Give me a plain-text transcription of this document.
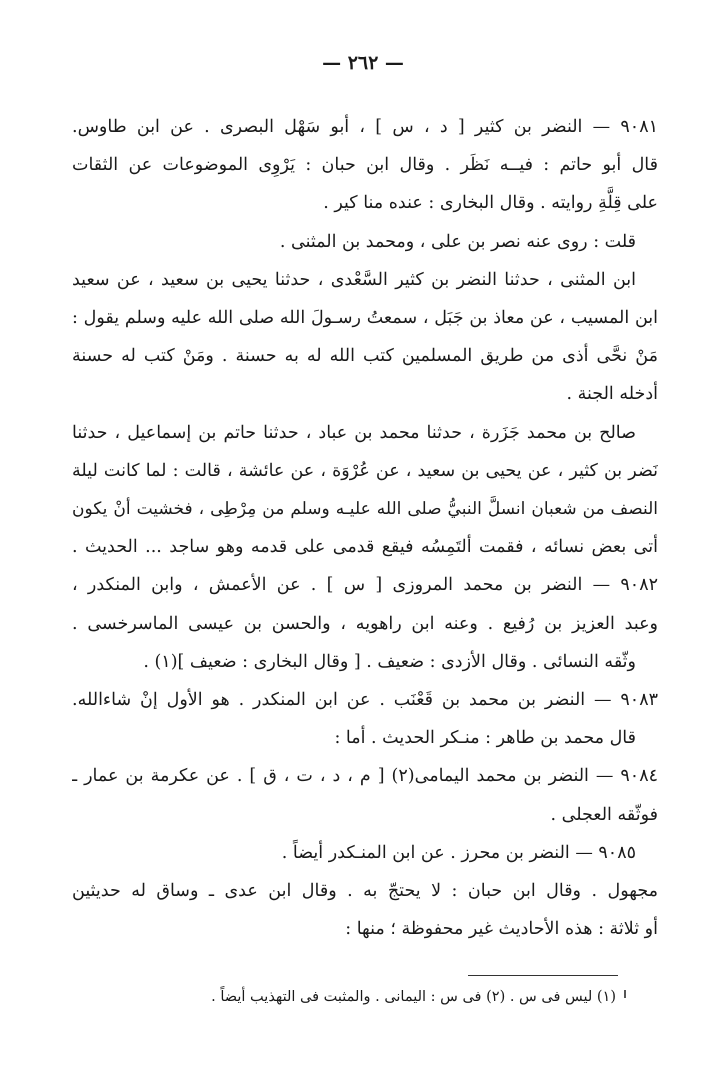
— ٢٦٢ —
٩٠٨١ — النضر بن كثير [ د ، س ] ، أبو سَهْل البصرى . عن ابن طاوس.
قال أبو حاتم : فيــه نَظَر . وقال ابن حبان : يَرْوِى الموضوعات عن الثقات
على قِلَّةِ روايته . وقال البخارى : عنده منا كير .
قلت : روى عنه نصر بن على ، ومحمد بن المثنى .
ابن المثنى ، حدثنا النضر بن كثير السَّعْدى ، حدثنا يحيى بن سعيد ، عن سعيد
ابن المسيب ، عن معاذ بن جَبَل ، سمعتُ رسـولَ الله صلى الله عليه وسلم يقول :
مَنْ نحَّى أذى من طريق المسلمين كتب الله له به حسنة . ومَنْ كتب له حسنة
أدخله الجنة .
صالح بن محمد جَزَرة ، حدثنا محمد بن عباد ، حدثنا حاتم بن إسماعيل ، حدثنا
نَضر بن كثير ، عن يحيى بن سعيد ، عن عُرْوَة ، عن عائشة ، قالت : لما كانت ليلة
النصف من شعبان انسلَّ النبيُّ صلى الله عليـه وسلم من مِرْطِى ، فخشيت أنْ يكون
أتى بعض نسائه ، فقمت ألتَمِسُه فيقع قدمى على قدمه وهو ساجد ... الحديث .
٩٠٨٢ — النضر بن محمد المروزى [ س ] . عن الأعمش ، وابن المنكدر ،
وعبد العزيز بن رُفيع . وعنه ابن راهويه ، والحسن بن عيسى الماسرخسى .
وثّقه النسائى . وقال الأزدى : ضعيف . [ وقال البخارى : ضعيف ](١) .
٩٠٨٣ — النضر بن محمد بن قَعْنَب . عن ابن المنكدر . هو الأول إنْ شاءالله.
قال محمد بن طاهر : منـكر الحديث . أما :
٩٠٨٤ — النضر بن محمد اليمامى(٢) [ م ، د ، ت ، ق ] . عن عكرمة بن عمار ـ
فوثّقه العجلى .
٩٠٨٥ — النضر بن محرز . عن ابن المنـكدر أيضاً .
مجهول . وقال ابن حبان : لا يحتجّ به . وقال ابن عدى ـ وساق له حديثين
أو ثلاثة : هذه الأحاديث غير محفوظة ؛ منها :
(١) ليس فى س . (٢) فى س : اليمانى . والمثبت فى التهذيب أيضاً .
